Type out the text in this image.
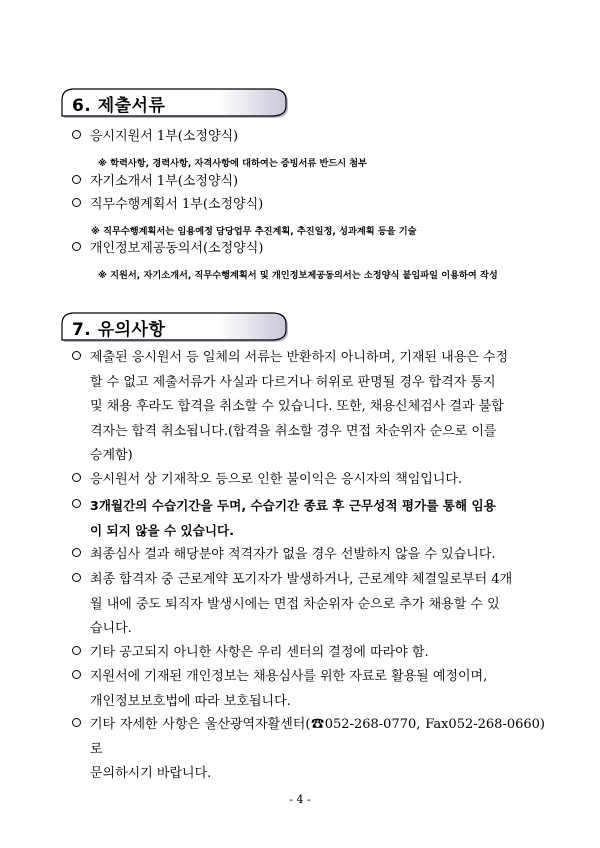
6. 제출서류
응시지원서 1부(소정양식)
※ 학력사항, 경력사항, 자격사항에 대하여는 증빙서류 반드시 첨부
자기소개서 1부(소정양식)
직무수행계획서 1부(소정양식)
※ 직무수행계획서는 임용예정 담당업무 추진계획, 추진일정, 성과계획 등을 기술
개인정보제공동의서(소정양식)
※ 지원서, 자기소개서, 직무수행계획서 및 개인정보제공동의서는 소정양식 붙임파일 이용하여 작성
7. 유의사항
제출된 응시원서 등 일체의 서류는 반환하지 아니하며, 기재된 내용은 수정
할 수 없고 제출서류가 사실과 다르거나 허위로 판명될 경우 합격자 통지
및 채용 후라도 합격을 취소할 수 있습니다. 또한, 채용신체검사 결과 불합
격자는 합격 취소됩니다.(합격을 취소할 경우 면접 차순위자 순으로 이를
승계함)
응시원서 상 기재착오 등으로 인한 불이익은 응시자의 책임입니다.
3개월간의 수습기간을 두며, 수습기간 종료 후 근무성적 평가를 통해 임용
이 되지 않을 수 있습니다.
최종심사 결과 해당분야 적격자가 없을 경우 선발하지 않을 수 있습니다.
최종 합격자 중 근로계약 포기자가 발생하거나, 근로계약 체결일로부터 4개
월 내에 중도 퇴직자 발생시에는 면접 차순위자 순으로 추가 채용할 수 있
습니다.
기타 공고되지 아니한 사항은 우리 센터의 결정에 따라야 함.
지원서에 기재된 개인정보는 채용심사를 위한 자료로 활용될 예정이며,
개인정보보호법에 따라 보호됩니다.
기타 자세한 사항은 울산광역자활센터(☎052-268-0770, Fax052-268-0660)로
문의하시기 바랍니다.
- 4 -
